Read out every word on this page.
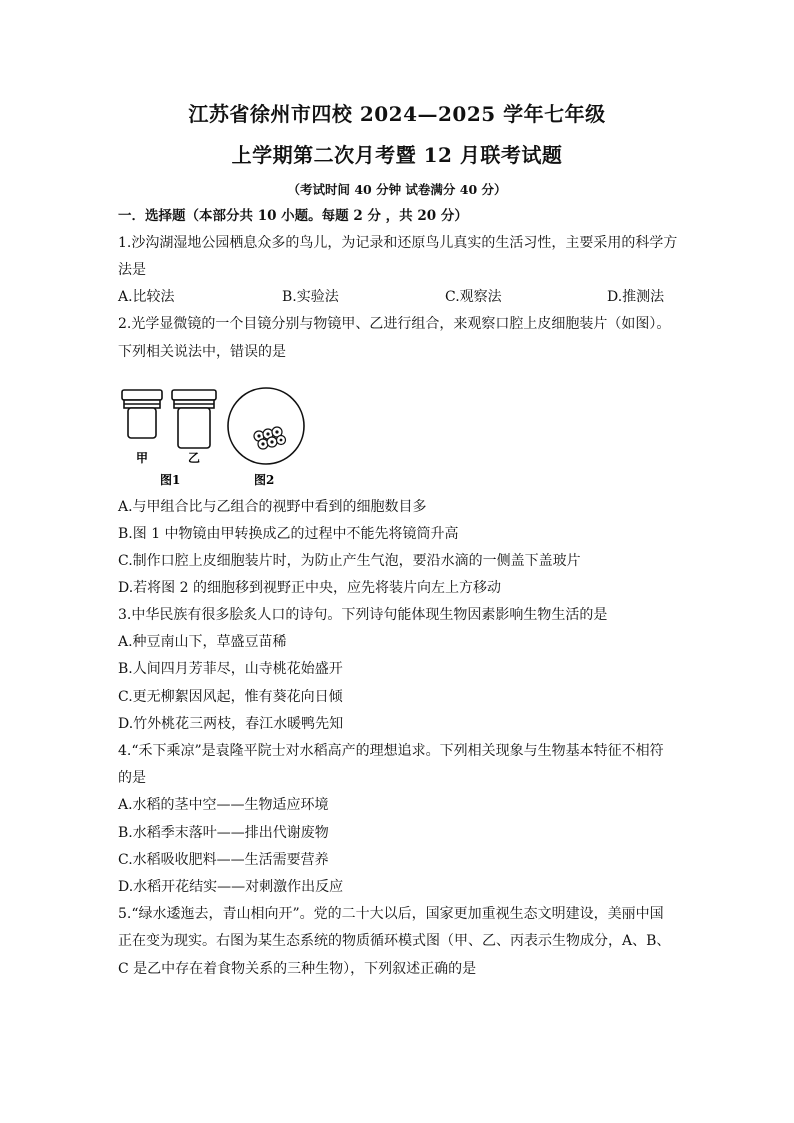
江苏省徐州市四校 2024—2025 学年七年级
上学期第二次月考暨 12 月联考试题
（考试时间 40 分钟 试卷满分 40 分）
一．选择题（本部分共 10 小题。每题 2 分 ，共 20 分）
1.沙沟湖湿地公园栖息众多的鸟儿，为记录和还原鸟儿真实的生活习性，主要采用的科学方
法是
A.比较法	B.实验法	C.观察法	D.推测法
2.光学显微镜的一个目镜分别与物镜甲、乙进行组合，来观察口腔上皮细胞装片（如图）。
下列相关说法中，错误的是
甲	乙
图1	图2
A.与甲组合比与乙组合的视野中看到的细胞数目多
B.图 1 中物镜由甲转换成乙的过程中不能先将镜筒升高
C.制作口腔上皮细胞装片时，为防止产生气泡，要沿水滴的一侧盖下盖玻片
D.若将图 2 的细胞移到视野正中央，应先将装片向左上方移动
3.中华民族有很多脍炙人口的诗句。下列诗句能体现生物因素影响生物生活的是
A.种豆南山下，草盛豆苗稀
B.人间四月芳菲尽，山寺桃花始盛开
C.更无柳絮因风起，惟有葵花向日倾
D.竹外桃花三两枝，春江水暖鸭先知
4.“禾下乘凉”是袁隆平院士对水稻高产的理想追求。下列相关现象与生物基本特征不相符
的是
A.水稻的茎中空——生物适应环境
B.水稻季末落叶——排出代谢废物
C.水稻吸收肥料——生活需要营养
D.水稻开花结实——对刺激作出反应
5.“绿水逶迤去，青山相向开”。党的二十大以后，国家更加重视生态文明建设，美丽中国
正在变为现实。右图为某生态系统的物质循环模式图（甲、乙、丙表示生物成分，A、B、
C 是乙中存在着食物关系的三种生物），下列叙述正确的是
